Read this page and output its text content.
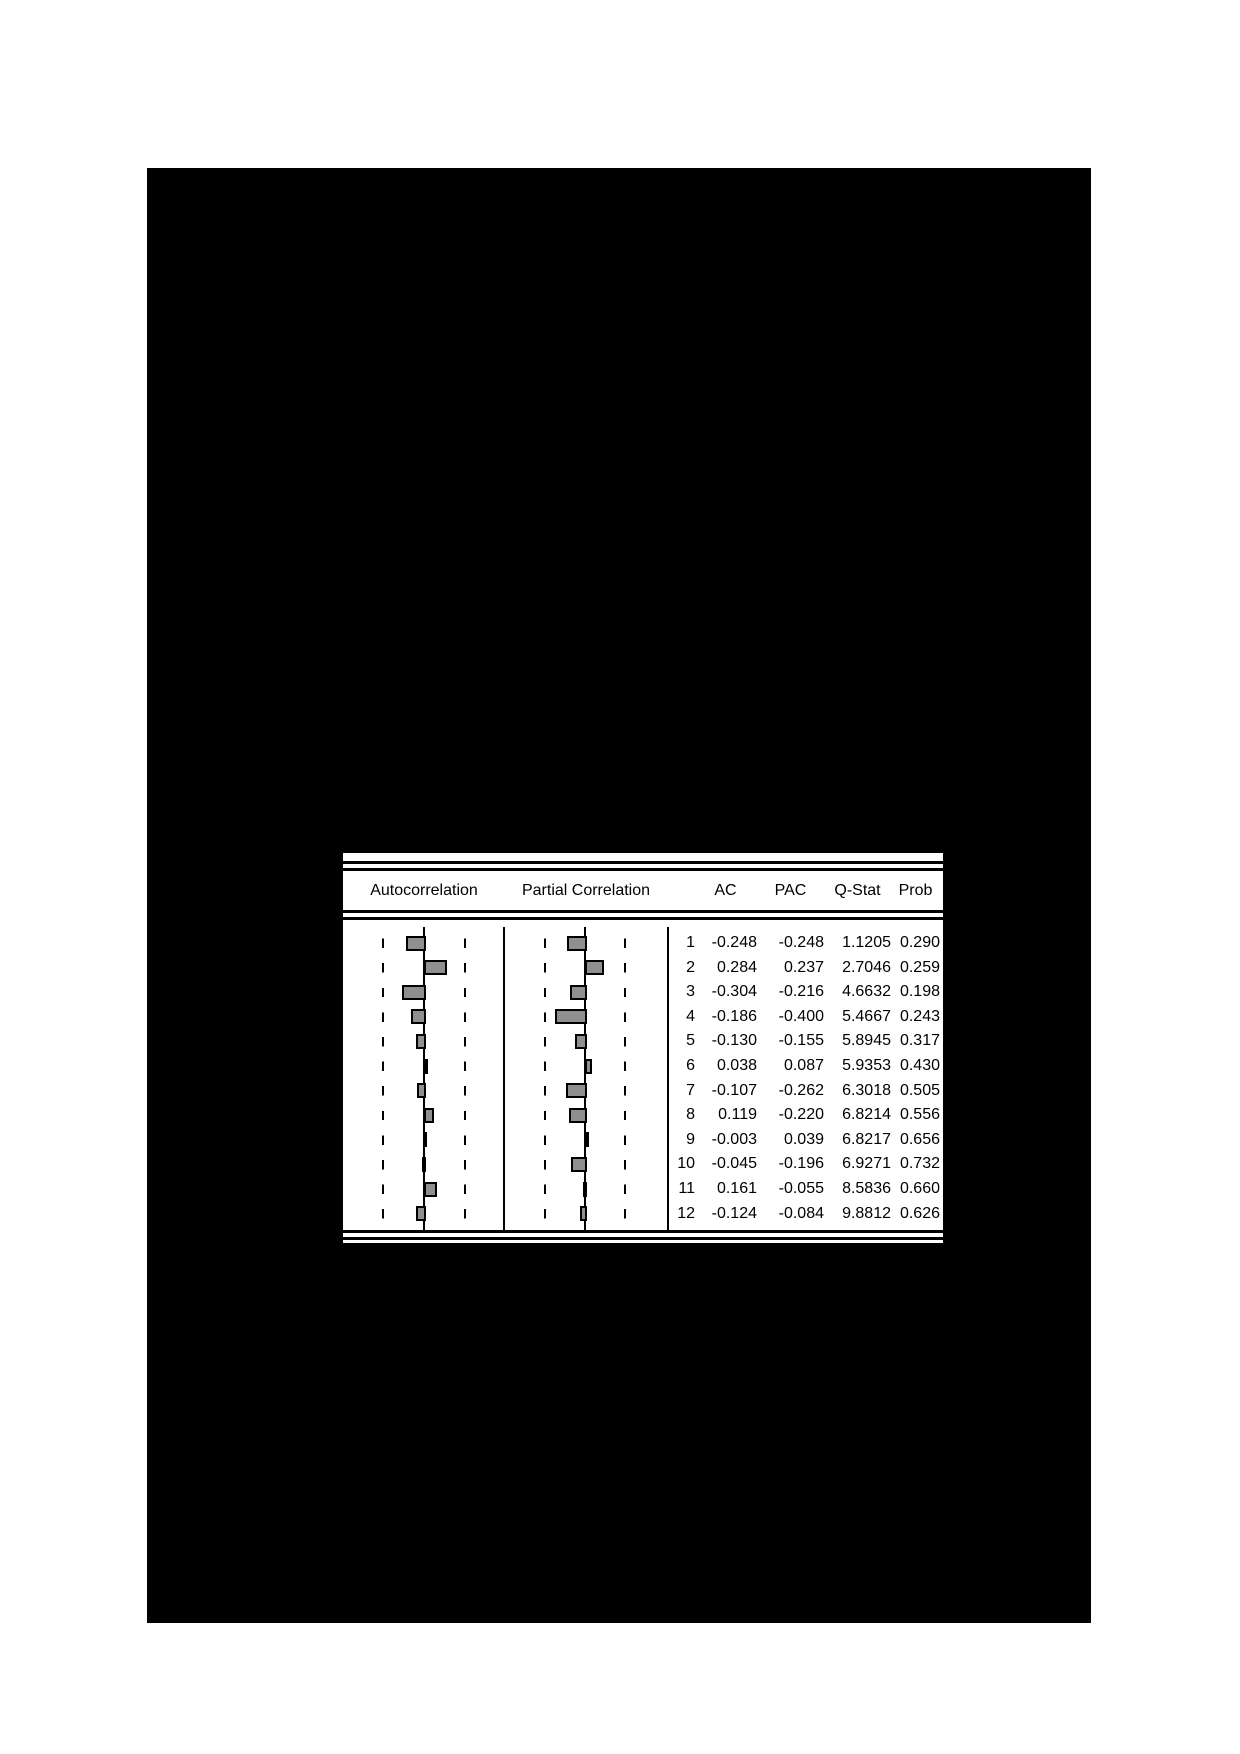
Autocorrelation	Partial Correlation	AC	PAC	Q-Stat	Prob
1	-0.248	-0.248	1.1205 0.290
2	0.284	0.237	2.7046 0.259
3	-0.304	-0.216	4.6632 0.198
4	-0.186	-0.400	5.4667 0.243
5	-0.130	-0.155	5.8945 0.317
6	0.038	0.087	5.9353 0.430
7	-0.107	-0.262	6.3018 0.505
8	0.119	-0.220	6.8214 0.556
9	-0.003	0.039	6.8217 0.656
10	-0.045	-0.196	6.9271 0.732
11	0.161	-0.055	8.5836 0.660
12	-0.124	-0.084	9.8812 0.626
